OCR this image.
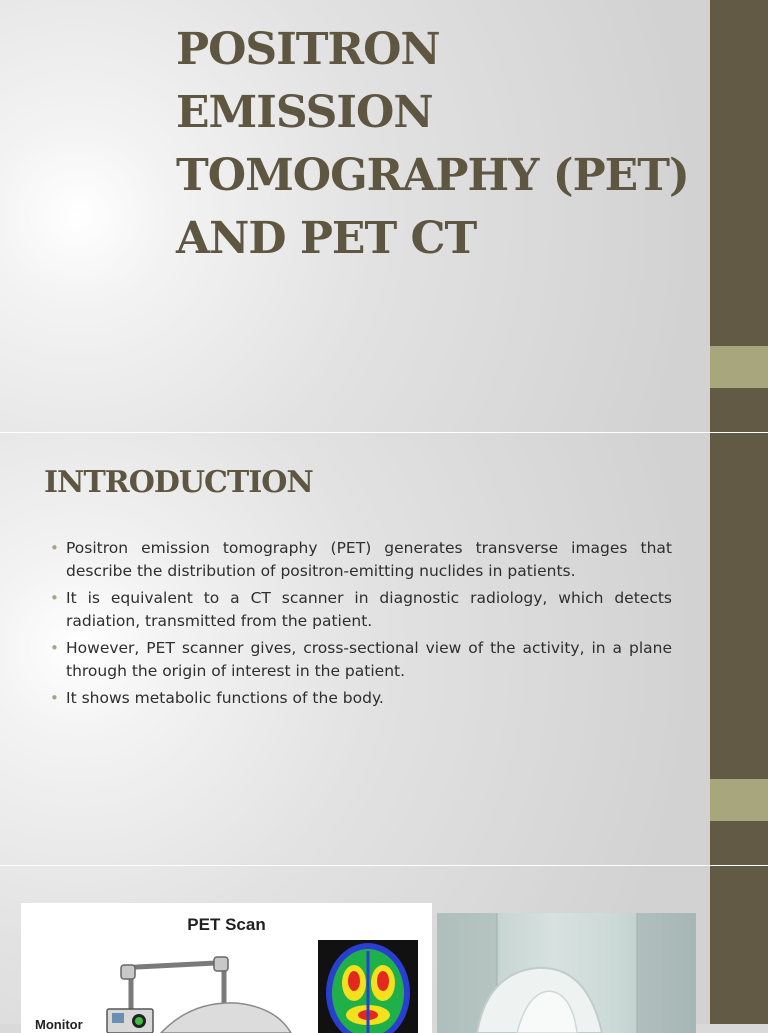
POSITRON EMISSION TOMOGRAPHY (PET) AND PET CT
INTRODUCTION
• Positron emission tomography (PET) generates transverse images that describe the distribution of positron-emitting nuclides in patients.
• It is equivalent to a CT scanner in diagnostic radiology, which detects radiation, transmitted from the patient.
• However, PET scanner gives, cross-sectional view of the activity, in a plane through the origin of interest in the patient.
• It shows metabolic functions of the body.
PET Scan
Monitor
